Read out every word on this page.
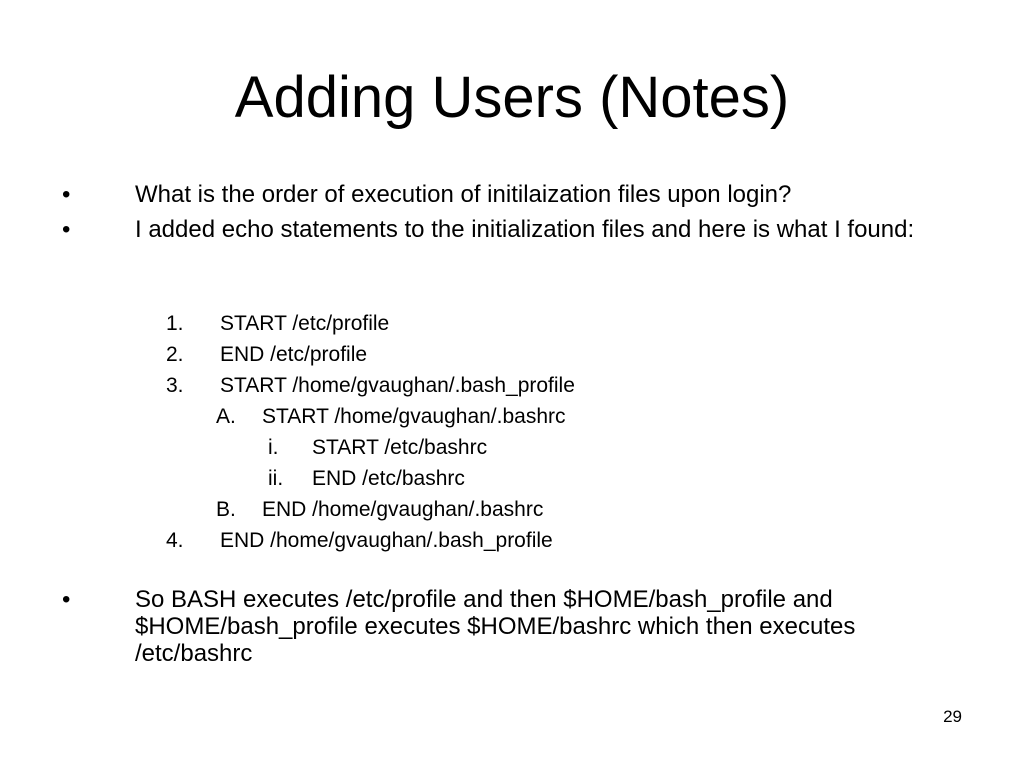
Adding Users (Notes)
•	What is the order of execution of initilaization files upon login?
•	I added echo statements to the initialization files and here is what I found:
1. START /etc/profile
2. END /etc/profile
3. START /home/gvaughan/.bash_profile
A. START /home/gvaughan/.bashrc
i. START /etc/bashrc
ii. END /etc/bashrc
B. END /home/gvaughan/.bashrc
4. END /home/gvaughan/.bash_profile
•	So BASH executes /etc/profile and then $HOME/bash_profile and $HOME/bash_profile executes $HOME/bashrc which then executes /etc/bashrc
29
